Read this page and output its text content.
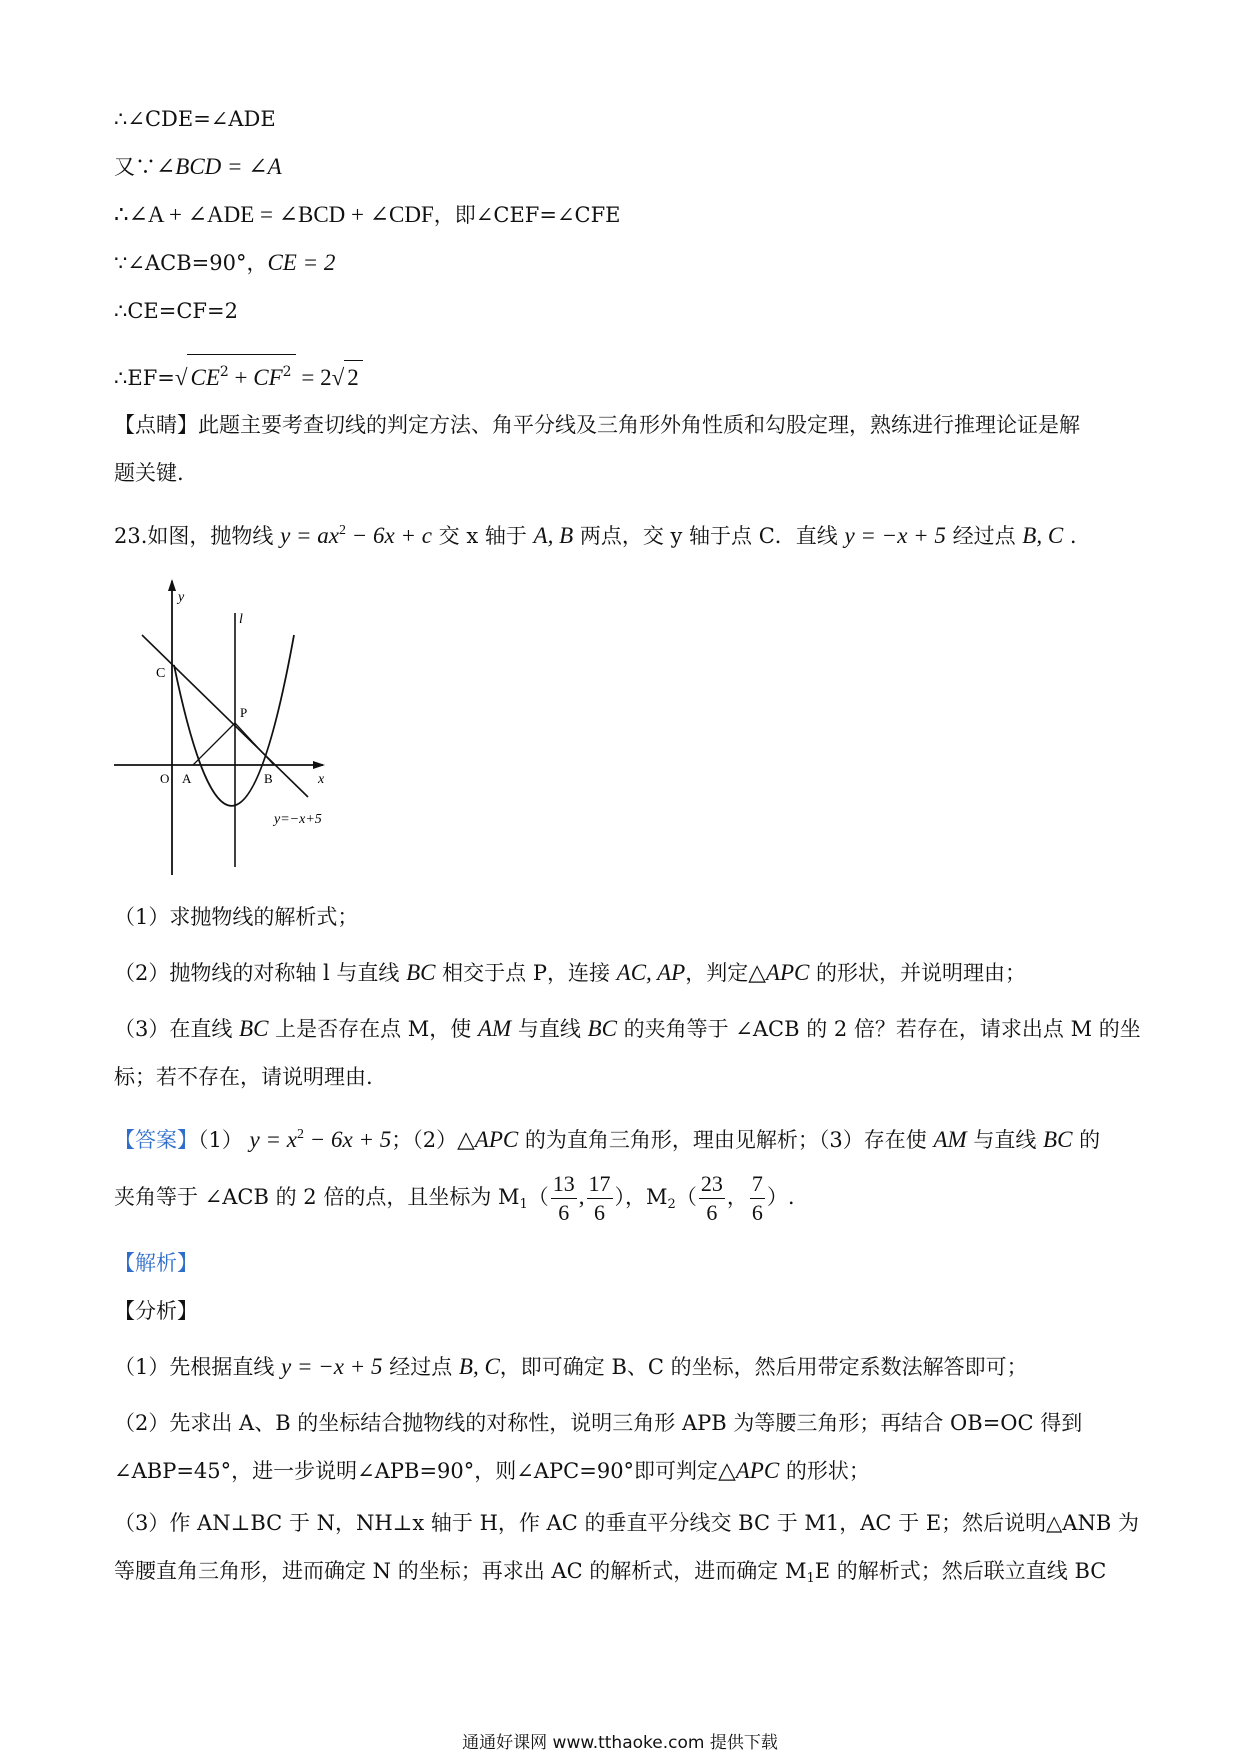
∴∠CDE=∠ADE
又∵∠BCD = ∠A
∴∠A + ∠ADE = ∠BCD + ∠CDF，即∠CEF=∠CFE
∵∠ACB=90°，CE = 2
∴CE=CF=2
∴EF=√ $CE^2 + CF^2 = 2√$ 2
【点睛】此题主要考查切线的判定方法、角平分线及三角形外角性质和勾股定理，熟练进行推理论证是解
题关键.
23.如图，抛物线 $y = ax^2 - 6x + c$ 交 x 轴于 A, B 两点，交 y 轴于点 C．直线 y = −x + 5 经过点 B, C .
y
x
l
C
P
O A	B
y=−x+5
（1）求抛物线的解析式；
（2）抛物线的对称轴 l 与直线 BC 相交于点 P，连接 AC, AP，判定△APC 的形状，并说明理由；
（3）在直线 BC 上是否存在点 M，使 AM 与直线 BC 的夹角等于 ∠ACB 的 2 倍？若存在，请求出点 M 的坐
标；若不存在，请说明理由.
【答案】（1） $y = x^2 - 6x + 5$；（2）△APC 的为直角三角形，理由见解析；（3）存在使 AM 与直线 BC 的
夹角等于 ∠ACB 的 2 倍的点，且坐标为 $M_1( \frac{13}{6}$ , $\frac{17}{6}$ ），$M_2( \frac{23}{6}$ ， $\frac{7}{6}$ ）.
【解析】
【分析】
（1）先根据直线 y = −x + 5 经过点 B, C，即可确定 B、C 的坐标，然后用带定系数法解答即可；
（2）先求出 A、B 的坐标结合抛物线的对称性，说明三角形 APB 为等腰三角形；再结合 OB=OC 得到
∠ABP=45°，进一步说明∠APB=90°，则∠APC=90°即可判定△APC 的形状；
（3）作 AN⊥BC 于 N，NH⊥x 轴于 H，作 AC 的垂直平分线交 BC 于 M1，AC 于 E；然后说明△ANB 为
等腰直角三角形，进而确定 N 的坐标；再求出 AC 的解析式，进而确定 $M_1E$ 的解析式；然后联立直线 BC
通通好课网 www.tthaoke.com 提供下载
